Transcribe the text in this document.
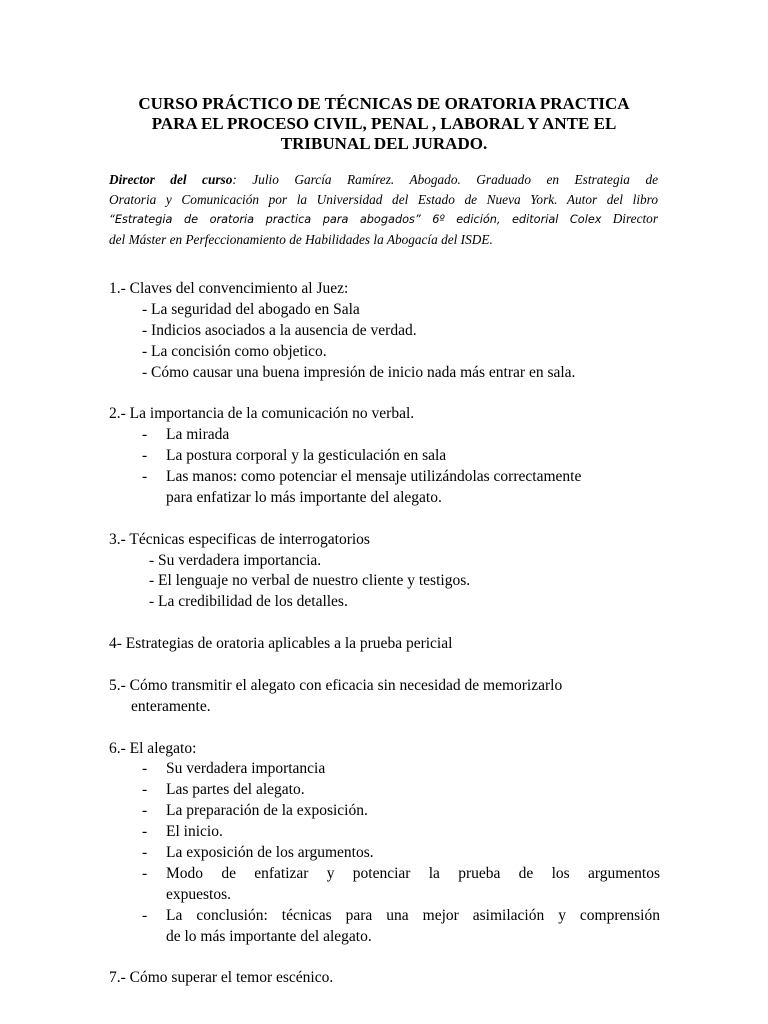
CURSO PRÁCTICO DE TÉCNICAS DE ORATORIA PRACTICA
PARA EL PROCESO CIVIL, PENAL , LABORAL Y ANTE EL
TRIBUNAL DEL JURADO.
Director del curso: Julio García Ramírez. Abogado. Graduado en Estrategia de
Oratoria y Comunicación por la Universidad del Estado de Nueva York. Autor del libro
“Estrategia de oratoria practica para abogados” 6º edición, editorial Colex Director
del Máster en Perfeccionamiento de Habilidades la Abogacía del ISDE.
1.- Claves del convencimiento al Juez:
- La seguridad del abogado en Sala
- Indicios asociados a la ausencia de verdad.
- La concisión como objetico.
- Cómo causar una buena impresión de inicio nada más entrar en sala.
2.- La importancia de la comunicación no verbal.
- La mirada
- La postura corporal y la gesticulación en sala
- Las manos: como potenciar el mensaje utilizándolas correctamente
para enfatizar lo más importante del alegato.
3.- Técnicas especificas de interrogatorios
- Su verdadera importancia.
- El lenguaje no verbal de nuestro cliente y testigos.
- La credibilidad de los detalles.
4- Estrategias de oratoria aplicables a la prueba pericial
5.- Cómo transmitir el alegato con eficacia sin necesidad de memorizarlo
enteramente.
6.- El alegato:
- Su verdadera importancia
- Las partes del alegato.
- La preparación de la exposición.
- El inicio.
- La exposición de los argumentos.
- Modo de enfatizar y potenciar la prueba de los argumentos
expuestos.
- La conclusión: técnicas para una mejor asimilación y comprensión
de lo más importante del alegato.
7.- Cómo superar el temor escénico.
